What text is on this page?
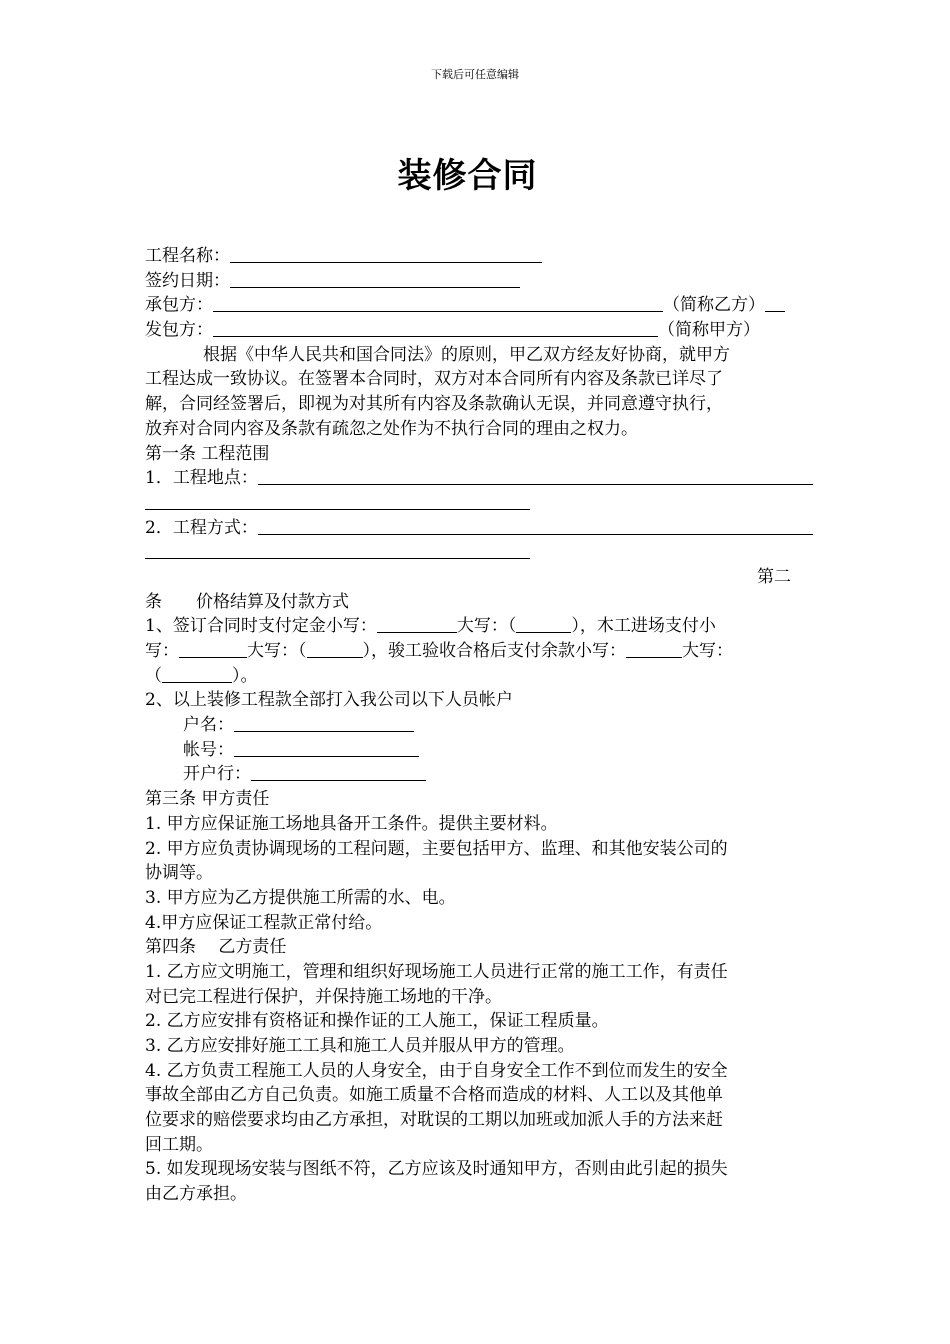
下载后可任意编辑
装修合同
工程名称：
签约日期：
承包方：	（简称乙方）
发包方：	（简称甲方）
根据《中华人民共和国合同法》的原则，甲乙双方经友好协商，就甲方
工程达成一致协议。在签署本合同时，双方对本合同所有内容及条款已详尽了
解，合同经签署后，即视为对其所有内容及条款确认无误，并同意遵守执行，
放弃对合同内容及条款有疏忽之处作为不执行合同的理由之权力。
第一条 工程范围
1．工程地点：
2．工程方式：
第二
条　　 价格结算及付款方式
1、签订合同时支付定金小写：	大写：（	），木工进场支付小
写：	大写：（	），骏工验收合格后支付余款小写：	大写：
（	）。
2、以上装修工程款全部打入我公司以下人员帐户
户名：
帐号：
开户行：
第三条 甲方责任
1. 甲方应保证施工场地具备开工条件。提供主要材料。
2. 甲方应负责协调现场的工程问题，主要包括甲方、监理、和其他安装公司的
协调等。
3. 甲方应为乙方提供施工所需的水、电。
4.甲方应保证工程款正常付给。
第四条　 乙方责任
1. 乙方应文明施工，管理和组织好现场施工人员进行正常的施工工作，有责任
对已完工程进行保护，并保持施工场地的干净。
2. 乙方应安排有资格证和操作证的工人施工，保证工程质量。
3. 乙方应安排好施工工具和施工人员并服从甲方的管理。
4. 乙方负责工程施工人员的人身安全，由于自身安全工作不到位而发生的安全
事故全部由乙方自己负责。如施工质量不合格而造成的材料、人工以及其他单
位要求的赔偿要求均由乙方承担，对耽误的工期以加班或加派人手的方法来赶
回工期。
5. 如发现现场安装与图纸不符，乙方应该及时通知甲方，否则由此引起的损失
由乙方承担。
